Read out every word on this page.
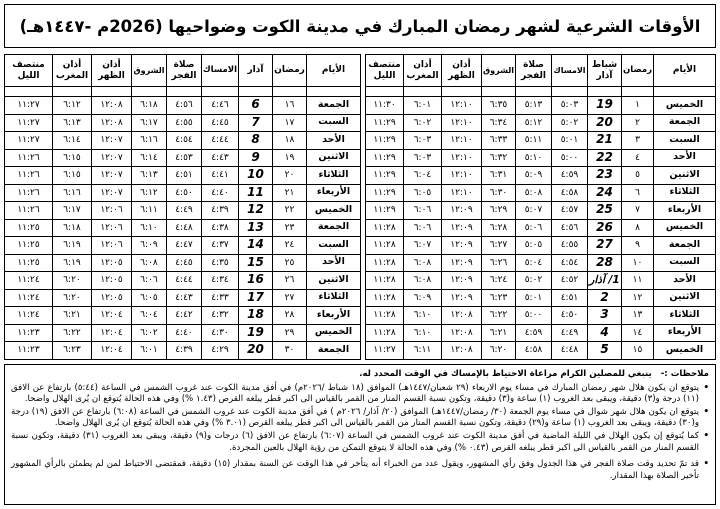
الأوقات الشرعية لشهر رمضان المبارك في مدينة الكوت وضواحيها (2026م -١٤٤٧هـ)
الأيام	رمضان	شباط آذار	الامساك	صلاة الفجر	الشروق	أذان الظهر	أذان المغرب	منتصف الليل

الخميس	١	19	٥:٠٣	٥:١٣	٦:٣٥	١٢:١٠	٦:٠١	١١:٣٠
الجمعة	٢	20	٥:٠٢	٥:١٢	٦:٣٤	١٢:١٠	٦:٠٢	١١:٢٩
السبت	٣	21	٥:٠١	٥:١١	٦:٣٣	١٢:١٠	٦:٠٣	١١:٢٩
الأحد	٤	22	٥:٠٠	٥:١٠	٦:٣٢	١٢:١٠	٦:٠٣	١١:٢٩
الاثنين	٥	23	٤:٥٩	٥:٠٩	٦:٣١	١٢:١٠	٦:٠٤	١١:٢٩
الثلاثاء	٦	24	٤:٥٨	٥:٠٨	٦:٣٠	١٢:١٠	٦:٠٥	١١:٢٩
الأربعاء	٧	25	٤:٥٧	٥:٠٧	٦:٢٩	١٢:٠٩	٦:٠٦	١١:٢٩
الخميس	٨	26	٤:٥٦	٥:٠٦	٦:٢٨	١٢:٠٩	٦:٠٦	١١:٢٨
الجمعة	٩	27	٤:٥٥	٥:٠٥	٦:٢٧	١٢:٠٩	٦:٠٧	١١:٢٨
السبت	١٠	28	٤:٥٤	٥:٠٤	٦:٢٦	١٢:٠٩	٦:٠٨	١١:٢٨
الأحد	١١	1/ آذار	٤:٥٢	٥:٠٢	٦:٢٤	١٢:٠٩	٦:٠٨	١١:٢٨
الاثنين	١٢	2	٤:٥١	٥:٠١	٦:٢٣	١٢:٠٩	٦:٠٩	١١:٢٨
الثلاثاء	١٣	3	٤:٥٠	٥:٠٠	٦:٢٢	١٢:٠٨	٦:١٠	١١:٢٨
الأربعاء	١٤	4	٤:٤٩	٤:٥٩	٦:٢١	١٢:٠٨	٦:١٠	١١:٢٨
الخميس	١٥	5	٤:٤٨	٤:٥٨	٦:٢٠	١٢:٠٨	٦:١١	١١:٢٧
الأيام	رمضان	آذار	الامساك	صلاة الفجر	الشروق	أذان الظهر	أذان المغرب	منتصف الليل

الجمعة	١٦	6	٤:٤٦	٤:٥٦	٦:١٨	١٢:٠٨	٦:١٢	١١:٢٧
السبت	١٧	7	٤:٤٥	٤:٥٥	٦:١٧	١٢:٠٨	٦:١٣	١١:٢٧
الأحد	١٨	8	٤:٤٤	٤:٥٤	٦:١٦	١٢:٠٧	٦:١٤	١١:٢٧
الاثنين	١٩	9	٤:٤٣	٤:٥٣	٦:١٤	١٢:٠٧	٦:١٥	١١:٢٦
الثلاثاء	٢٠	10	٤:٤١	٤:٥١	٦:١٣	١٢:٠٧	٦:١٥	١١:٢٦
الأربعاء	٢١	11	٤:٤٠	٤:٥٠	٦:١٢	١٢:٠٧	٦:١٦	١١:٢٦
الخميس	٢٢	12	٤:٣٩	٤:٤٩	٦:١١	١٢:٠٦	٦:١٧	١١:٢٦
الجمعة	٢٣	13	٤:٣٨	٤:٤٨	٦:١٠	١٢:٠٦	٦:١٨	١١:٢٥
السبت	٢٤	14	٤:٣٧	٤:٤٧	٦:٠٩	١٢:٠٦	٦:١٩	١١:٢٥
الأحد	٢٥	15	٤:٣٥	٤:٤٥	٦:٠٨	١٢:٠٥	٦:١٩	١١:٢٥
الاثنين	٢٦	16	٤:٣٤	٤:٤٤	٦:٠٦	١٢:٠٥	٦:٢٠	١١:٢٤
الثلاثاء	٢٧	17	٤:٣٣	٤:٤٣	٦:٠٥	١٢:٠٥	٦:٢٠	١١:٢٤
الأربعاء	٢٨	18	٤:٣٢	٤:٤٢	٦:٠٤	١٢:٠٤	٦:٢١	١١:٢٤
الخميس	٢٩	19	٤:٣٠	٤:٤٠	٦:٠٢	١٢:٠٤	٦:٢٢	١١:٢٣
الجمعة	٣٠	20	٤:٢٩	٤:٣٩	٦:٠١	١٢:٠٤	٦:٢٣	١١:٢٣

ملاحظات :- ينبغي للمصلين الكرام مراعاة الاحتياط بالإمساك في الوقت المحدد له.

•
يتوقع ان يكون هلال شهر رمضان المبارك في مساء يوم الاربعاء (٢٩ شعبان/١٤٤٧هـ) الموافق (١٨ شباط /٢٠٢٦م) في أفق مدينة الكوت عند غروب الشمس في الساعة (٥:٤٤) بارتفاع عن الافق (١١) درجة و(٣) دقيقة، ويبقى بعد الغروب (١) ساعة و(٣) دقيقة، وتكون نسبة القسم المنار من القمر بالقياس الى اكبر قطر يبلغه القرص (١.٤٣ %) وفي هذه الحالة يُتوقع ان يُرى الهلال واضحا.
•
يتوقع ان يكون هلال شهر شوال في مساء يوم الجمعة (٣٠/ رمضان/١٤٤٧هـ) الموافق (٢٠/ آذار/ ٢٠٢٦م ) في أفق مدينة الكوت عند غروب الشمس في الساعة (٦:٠٨) بارتفاع عن الافق (١٩) درجة و(٣٠) دقيقة، ويبقى بعد الغروب (١) ساعة و(٢٩) دقيقة، وتكون نسبة القسم المنار من القمر بالقياس الى اكبر قطر يبلغه القرص (٣.٠١ %) وفي هذه الحالة يُتوقع ان يُرى الهلال واضحا.
•
كما يُتوقع إن يكون الهلال في الليلة الماضية في أفق مدينة الكوت عند غروب الشمس في الساعة (٦:٠٧) بارتفاع عن الافق (٦) درجات و(٩) دقيقة، ويبقى بعد الغروب (٣١) دقيقة، وتكون نسبة القسم المنار من القمر بالقياس الى اكبر قطر يبلغه القرص (٠.٤٣ %) وفي هذه الحالة لا يتوقع التمكن من رؤية الهلال بالعين المجردة.
•
قد تمّ تحديد وقت صلاة الفجر في هذا الجدول وفق رأي المشهور، ويقول عدد من الخبراء أنه يتأخر في هذا الوقت عن السنة بمقدار (١٥) دقيقة، فمقتضى الاحتياط لمن لم يطمئن بالرأي المشهور تأخير الصلاة بهذا المقدار.
